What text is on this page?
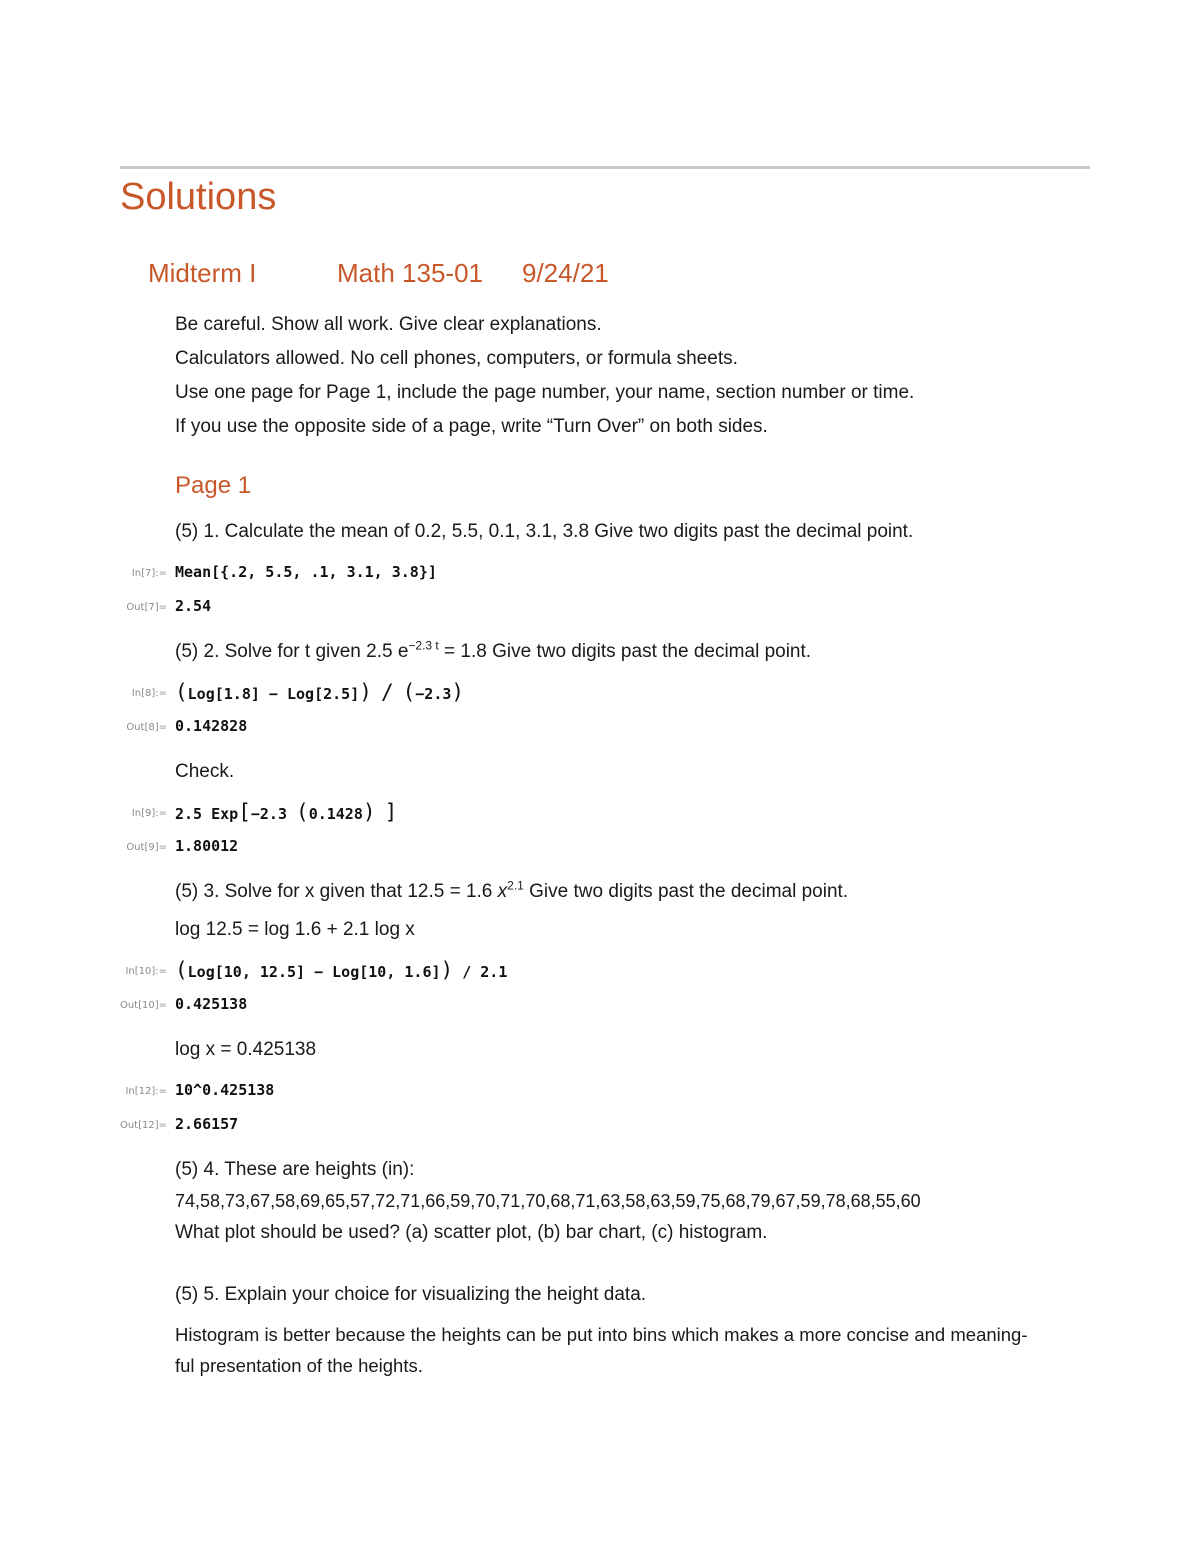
Solutions
Midterm I	Math 135-01 9/24/21
Be careful. Show all work. Give clear explanations.
Calculators allowed. No cell phones, computers, or formula sheets.
Use one page for Page 1, include the page number, your name, section number or time.
If you use the opposite side of a page, write “Turn Over” on both sides.
Page 1
(5) 1. Calculate the mean of 0.2, 5.5, 0.1, 3.1, 3.8 Give two digits past the decimal point.
In[7]:= Mean[{.2, 5.5, .1, 3.1, 3.8}]
Out[7]= 2.54
(5) 2. Solve for t given 2.5 $e^{-2.3 t} = 1.8$ Give two digits past the decimal point.
In[8]:= (Log[1.8] − Log[2.5]) / (−2.3)
Out[8]= 0.142828
Check.
In[9]:= 2.5 Exp[−2.3 (0.1428) ]
Out[9]= 1.80012
(5) 3. Solve for x given that 12.5 = 1.6 $x^{2.1}$ Give two digits past the decimal point.
log 12.5 = log 1.6 + 2.1 log x
In[10]:= (Log[10, 12.5] − Log[10, 1.6]) / 2.1
Out[10]= 0.425138
log x = 0.425138
In[12]:= 10^0.425138
Out[12]= 2.66157
(5) 4. These are heights (in):
74,58,73,67,58,69,65,57,72,71,66,59,70,71,70,68,71,63,58,63,59,75,68,79,67,59,78,68,55,60
What plot should be used? (a) scatter plot, (b) bar chart, (c) histogram.
(5) 5. Explain your choice for visualizing the height data.
Histogram is better because the heights can be put into bins which makes a more concise and meaning-
ful presentation of the heights.
